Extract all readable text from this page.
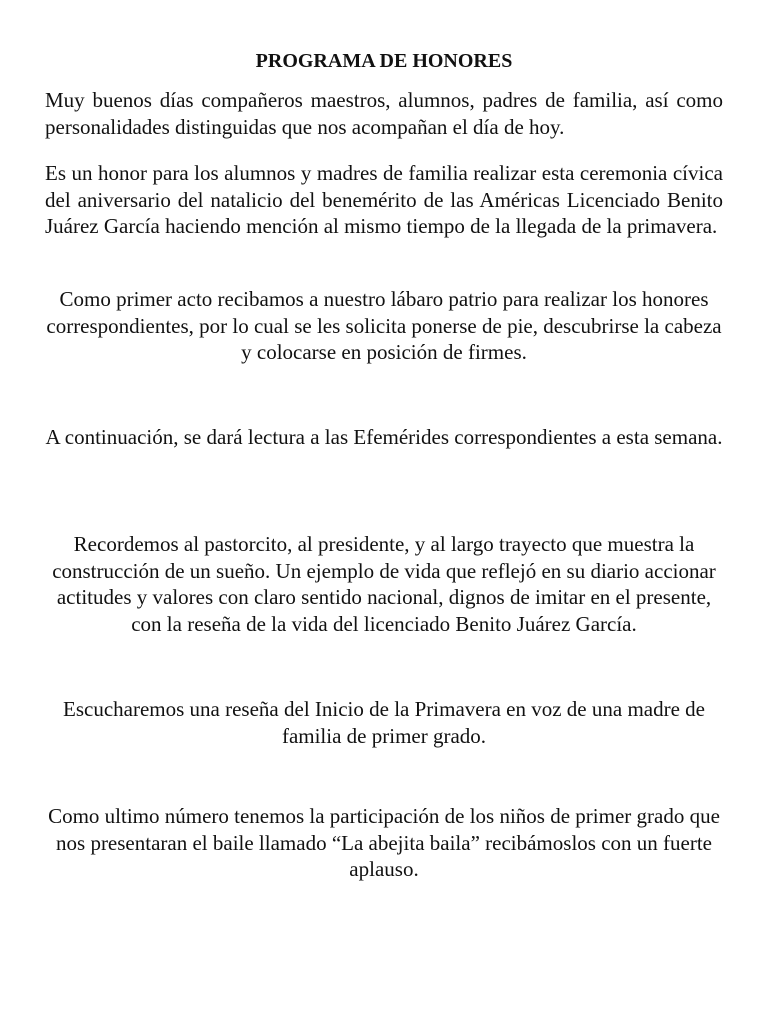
PROGRAMA DE HONORES

Muy buenos días compañeros maestros, alumnos, padres de familia, así como personalidades distinguidas que nos acompañan el día de hoy.

Es un honor para los alumnos y madres de familia realizar esta ceremonia cívica del aniversario del natalicio del benemérito de las Américas Licenciado Benito Juárez García haciendo mención al mismo tiempo de la llegada de la primavera.

Como primer acto recibamos a nuestro lábaro patrio para realizar los honores correspondientes, por lo cual se les solicita ponerse de pie, descubrirse la cabeza y colocarse en posición de firmes.

A continuación, se dará lectura a las Efemérides correspondientes a esta semana.

Recordemos al pastorcito, al presidente, y al largo trayecto que muestra la construcción de un sueño. Un ejemplo de vida que reflejó en su diario accionar actitudes y valores con claro sentido nacional, dignos de imitar en el presente, con la reseña de la vida del licenciado Benito Juárez García.

Escucharemos una reseña del Inicio de la Primavera en voz de una madre de familia de primer grado.

Como ultimo número tenemos la participación de los niños de primer grado que nos presentaran el baile llamado “La abejita baila” recibámoslos con un fuerte aplauso.
